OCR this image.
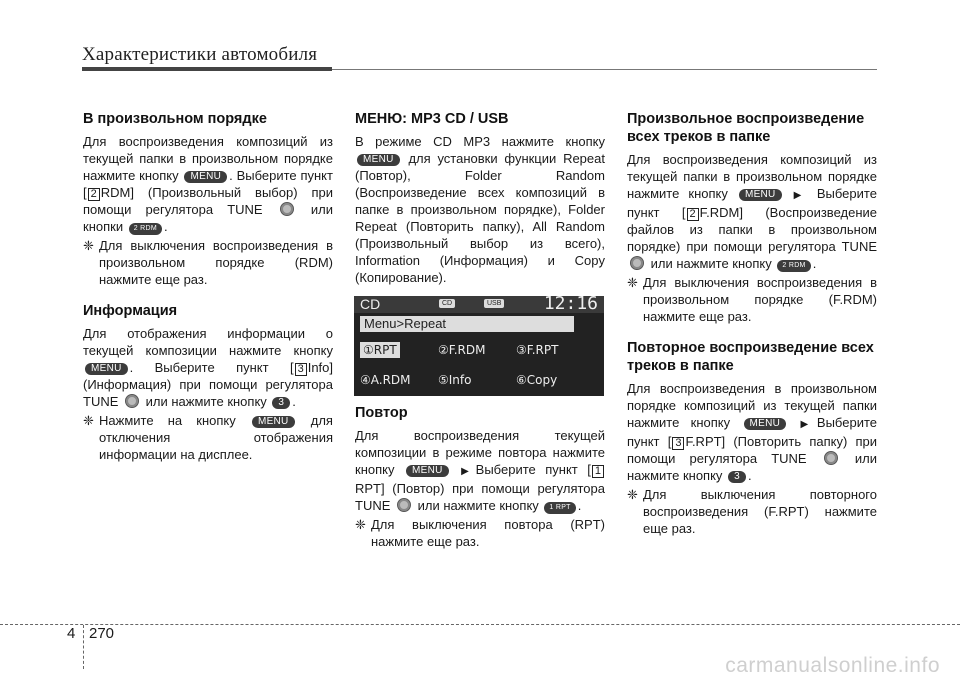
Характеристики автомобиля
В произвольном порядке

Для воспроизведения композиций из текущей папки в произвольном порядке нажмите кнопку MENU . Выберите пункт [ 2 RDM] (Произвольный выбор) при помощи регулятора TUNE	или кнопки 2 RDM .

❈ Для выключения воспроизведения в произвольном порядке (RDM) нажмите еще раз.
Информация

Для отображения информации о текущей композиции нажмите кнопку MENU . Выберите пункт [ 3 Info] (Информация) при помощи регулятора TUNE или нажмите кнопку 3 .

❈ Нажмите на кнопку MENU для отключения отображения информации на дисплее.
МЕНЮ: MP3 CD / USB

В режиме CD MP3 нажмите кнопку MENU для установки функции Repeat (Повтор), Folder Random (Воспроизведение всех композиций в папке в произвольном порядке), Folder Repeat (Повторить папку), All Random (Произвольный выбор из всего), Information (Информация) и Copy (Копирование).

CD	CD	USB 12:16
Menu>Repeat
①RPT	②F.RDM	③F.RPT
④A.RDM ⑤Info	⑥Copy
Повтор

Для воспроизведения текущей композиции в режиме повтора нажмите кнопку MENU ▶Выберите пункт [ 1RPT] (Повтор) при помощи регулятора TUNE или нажмите кнопку 1 RPT .

❈ Для выключения повтора (RPT) нажмите еще раз.
Произвольное воспроизведение всех треков в папке

Для воспроизведения композиций из текущей папки в произвольном порядке нажмите кнопку MENU ▶ Выберите пункт [ 2 F.RDM] (Воспроизведение файлов из папки в произвольном порядке) при помощи регулятора TUNE  или нажмите кнопку 2 RDM .

❈ Для выключения воспроизведения в произвольном порядке (F.RDM) нажмите еще раз.
Повторное воспроизведение всех треков в папке

Для воспроизведения в произвольном порядке композиций из текущей папки нажмите кнопку MENU ▶Выберите пункт [ 3 F.RPT] (Повторить папку) при помощи регулятора TUNE	или нажмите кнопку 3 .

❈ Для выключения повторного воспроизведения (F.RPT) нажмите еще раз.
4 270
carmanualsonline.info
